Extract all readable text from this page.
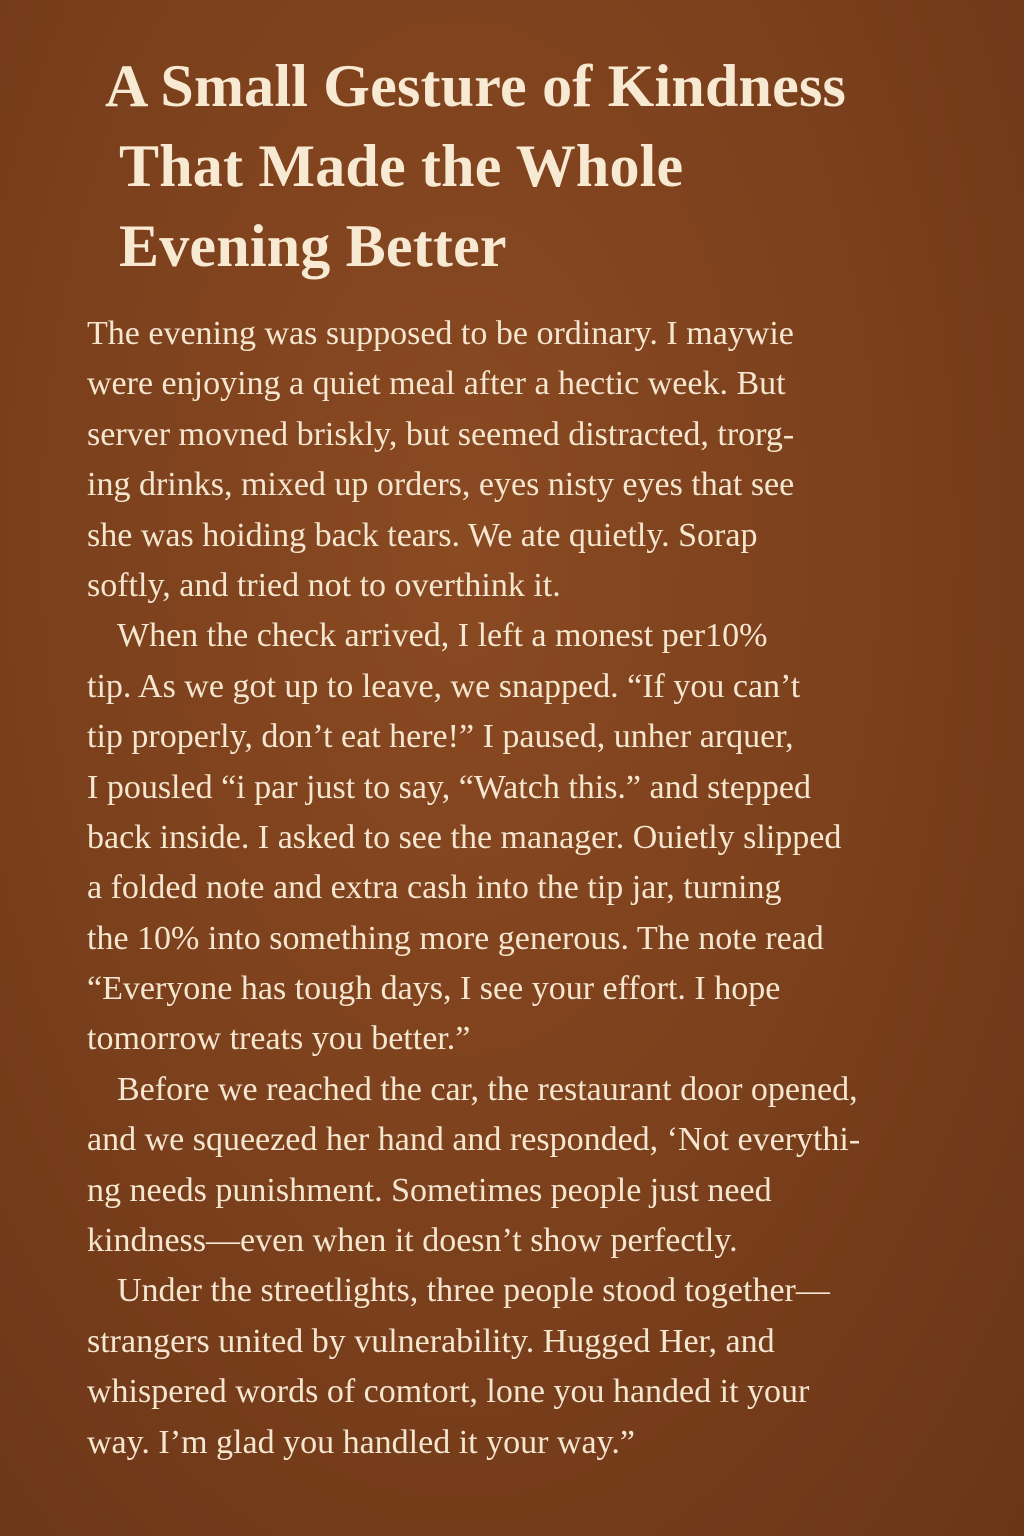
A Small Gesture of Kindness
That Made the Whole
Evening Better
The evening was supposed to be ordinary. I maywie
were enjoying a quiet meal after a hectic week. But
server movned briskly, but seemed distracted, trorg-
ing drinks, mixed up orders, eyes nisty eyes that see
she was hoiding back tears. We ate quietly. Sorap
softly, and tried not to overthink it.
When the check arrived, I left a monest per10%
tip. As we got up to leave, we snapped. “If you can’t
tip properly, don’t eat here!” I paused, unher arquer,
I pousled “i par just to say, “Watch this.” and stepped
back inside. I asked to see the manager. Ouietly slipped
a folded note and extra cash into the tip jar, turning
the 10% into something more generous. The note read
“Everyone has tough days, I see your effort. I hope
tomorrow treats you better.”
Before we reached the car, the restaurant door opened,
and we squeezed her hand and responded, ‘Not everythi-
ng needs punishment. Sometimes people just need
kindness—even when it doesn’t show perfectly.
Under the streetlights, three people stood together—
strangers united by vulnerability. Hugged Her, and
whispered words of comtort, lone you handed it your
way. I’m glad you handled it your way.”
